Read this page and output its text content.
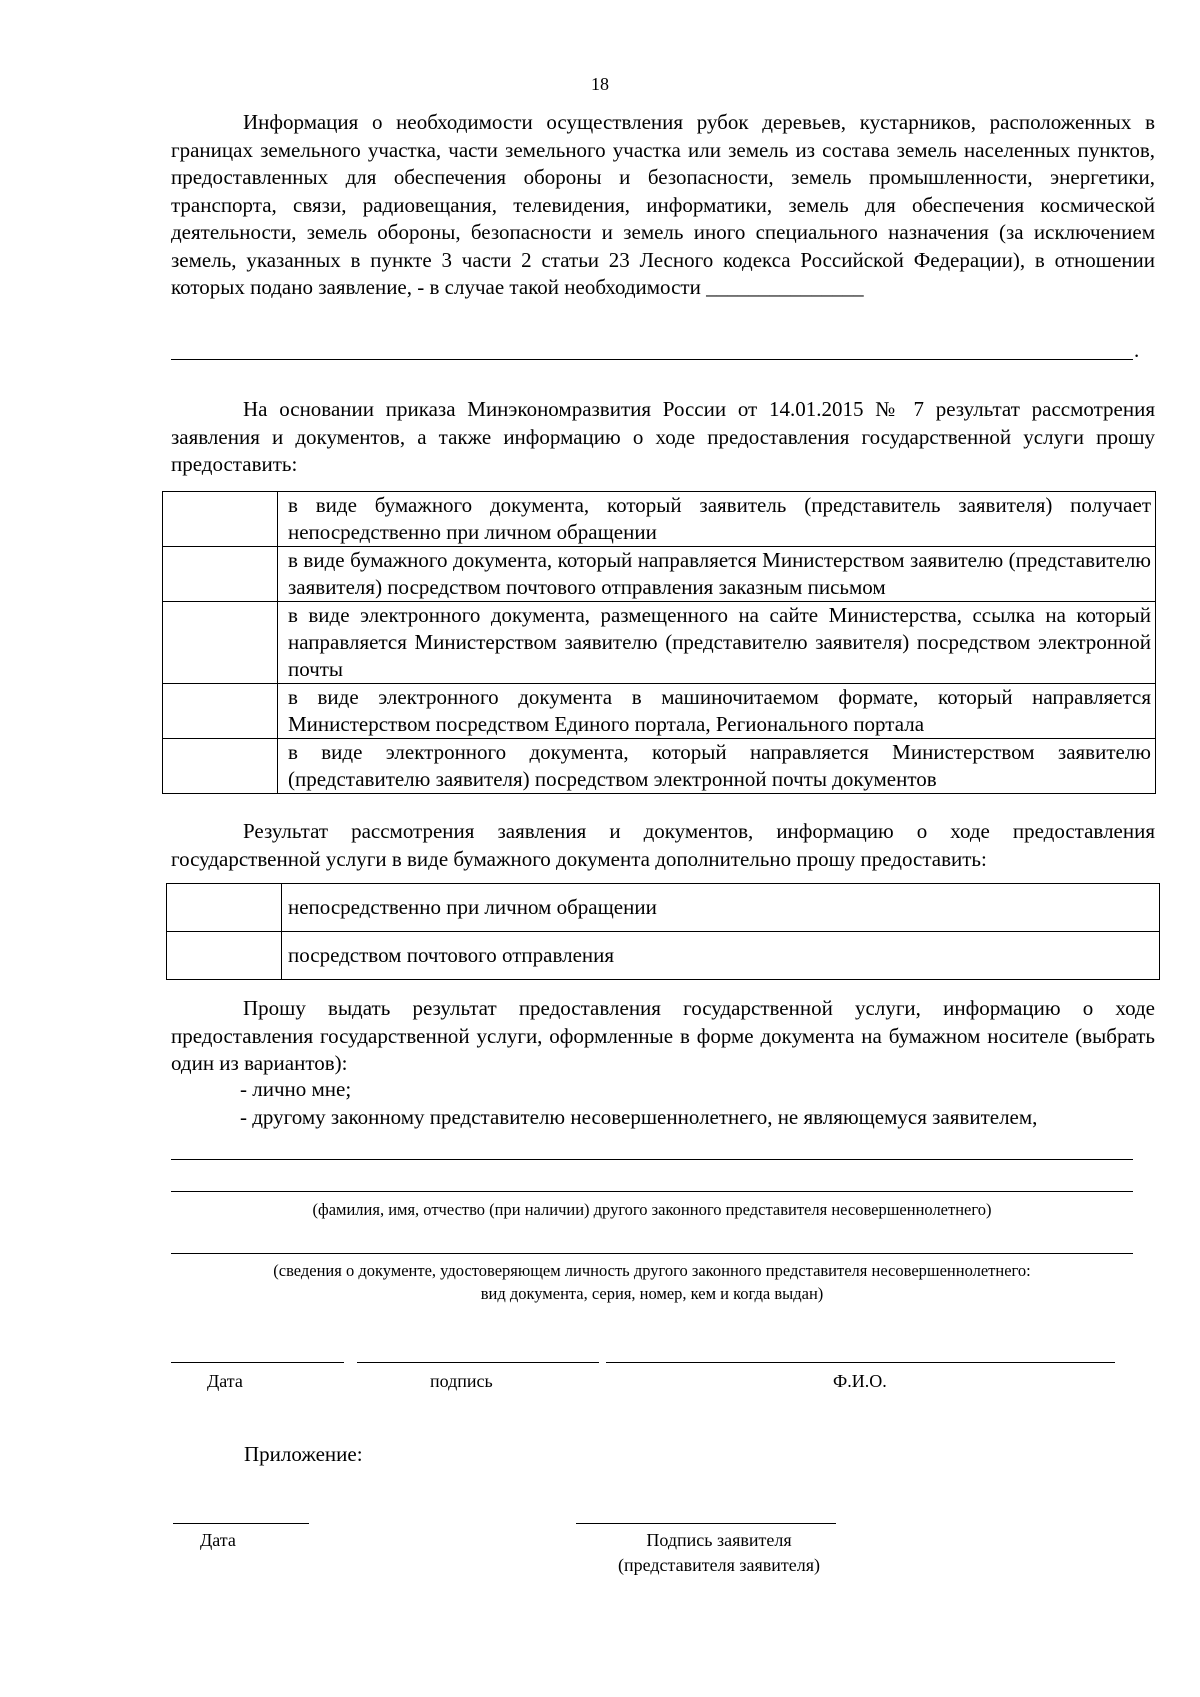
18

Информация о необходимости осуществления рубок деревьев, кустарников, расположенных в границах земельного участка, части земельного участка или земель из состава земель населенных пунктов, предоставленных для обеспечения обороны и безопасности, земель промышленности, энергетики, транспорта, связи, радиовещания, телевидения, информатики, земель для обеспечения космической деятельности, земель обороны, безопасности и земель иного специального назначения (за исключением земель, указанных в пункте 3 части 2 статьи 23 Лесного кодекса Российской Федерации), в отношении которых подано заявление, - в случае такой необходимости _______________

.

На основании приказа Минэкономразвития России от 14.01.2015 № 7 результат рассмотрения заявления и документов, а также информацию о ходе предоставления государственной услуги прошу предоставить:

	в виде бумажного документа, который заявитель (представитель заявителя) получает непосредственно при личном обращении
	в виде бумажного документа, который направляется Министерством заявителю (представителю заявителя) посредством почтового отправления заказным письмом
	в виде электронного документа, размещенного на сайте Министерства, ссылка на который направляется Министерством заявителю (представителю заявителя) посредством электронной почты
	в виде электронного документа в машиночитаемом формате, который направляется Министерством посредством Единого портала, Регионального портала
	в виде электронного документа, который направляется Министерством заявителю (представителю заявителя) посредством электронной почты документов

Результат рассмотрения заявления и документов, информацию о ходе предоставления государственной услуги в виде бумажного документа дополнительно прошу предоставить:

	непосредственно при личном обращении
	посредством почтового отправления

Прошу выдать результат предоставления государственной услуги, информацию о ходе предоставления государственной услуги, оформленные в форме документа на бумажном носителе (выбрать один из вариантов):

- лично мне;
- другому законному представителю несовершеннолетнего, не являющемуся заявителем,
(фамилия, имя, отчество (при наличии) другого законного представителя несовершеннолетнего)
(сведения о документе, удостоверяющем личность другого законного представителя несовершеннолетнего:
вид документа, серия, номер, кем и когда выдан)
Дата	подпись	Ф.И.О.
Приложение:
Дата	Подпись заявителя
(представителя заявителя)
